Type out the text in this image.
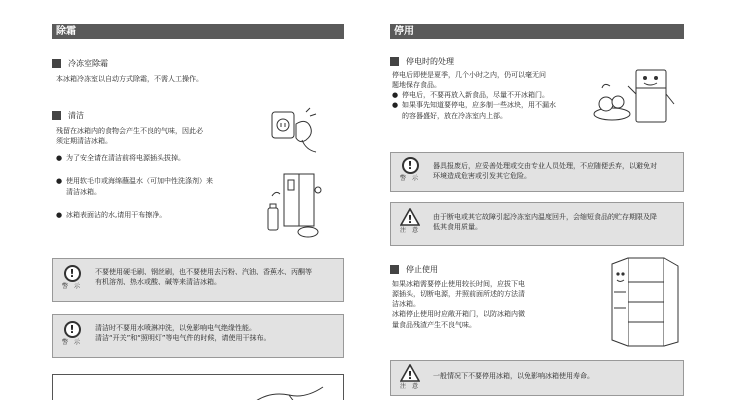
除霜	停用
冷冻室除霜

本冰箱冷冻室以自动方式除霜，不需人工操作。

清洁

残留在冰箱内的食物会产生不良的气味，因此必

须定期清洁冰箱。

● 为了安全请在清洁前将电源插头拔掉。
● 使用软毛巾或海绵蘸温水（可加中性洗涤剂）来
清洁冰箱。
● 冰箱表面沾的水,请用干布擦净。
!
警 示

不要使用硬毛刷、钢丝刷，也不要使用去污粉、汽油、香蕉水、丙酮等

有机溶剂、热水或酸、碱等来清洁冰箱。

!
警 示

清洁时不要用水喷淋冲洗，以免影响电气绝缘性能。

清洁“开关”和“照明灯”等电气件的时候，请使用干抹布。

停电时的处理

停电后即使是夏季，几个小时之内，仍可以毫无问

题地保存食品。

● 停电后，不要再放入新食品，尽量不开冰箱门。
● 如果事先知道要停电，应多制一些冰块，用不漏水
的容器盛好，放在冷冻室内上部。
!
警 示

器具报废后，应妥善处理或交由专业人员处理，不应随便丢弃，以避免对

环境造成危害或引发其它危险。

!
注 意

由于断电或其它故障引起冷冻室内温度回升，会缩短食品的贮存期限及降

低其食用质量。

停止使用

如果冰箱需要停止使用较长时间，应拔下电

源插头，切断电源，并照前面所述的方法清

洁冰箱。

冰箱停止使用时应敞开箱门，以防冰箱内微

量食品残渣产生不良气味。

!
注 意

一般情况下不要停用冰箱，以免影响冰箱使用寿命。
